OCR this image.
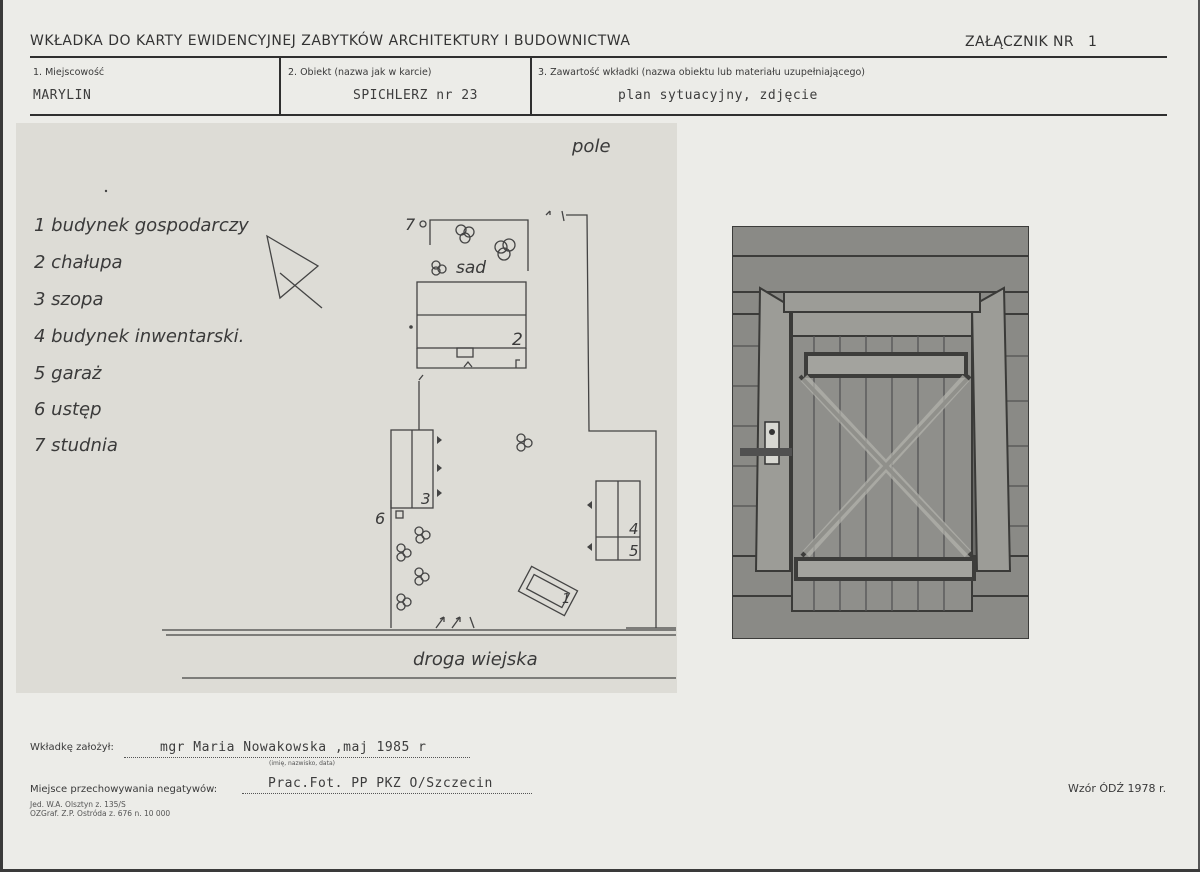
WKŁADKA DO KARTY EWIDENCYJNEJ ZABYTKÓW ARCHITEKTURY I BUDOWNICTWA	ZAŁĄCZNIK NR 1
1. Miejscowość
MARYLIN
2. Obiekt (nazwa jak w karcie)
SPICHLERZ nr 23
3. Zawartość wkładki (nazwa obiektu lub materiału uzupełniającego)
plan sytuacyjny, zdjęcie
1 budynek gospodarczy
2 chałupa
3 szopa
4 budynek inwentarski.
5 garaż
6 ustęp
7 studnia
pole
sad
droga wiejska
1
2
3
4
5
6
7
Wkładkę założył:	mgr Maria Nowakowska ,maj 1985 r
(imię, nazwisko, data)
Miejsce przechowywania negatywów:	Prac.Fot. PP PKZ O/Szczecin
Jed. W.A. Olsztyn z. 135/S
OZGraf. Z.P. Ostróda z. 676 n. 10 000
Wzór ÓDŹ 1978 r.
